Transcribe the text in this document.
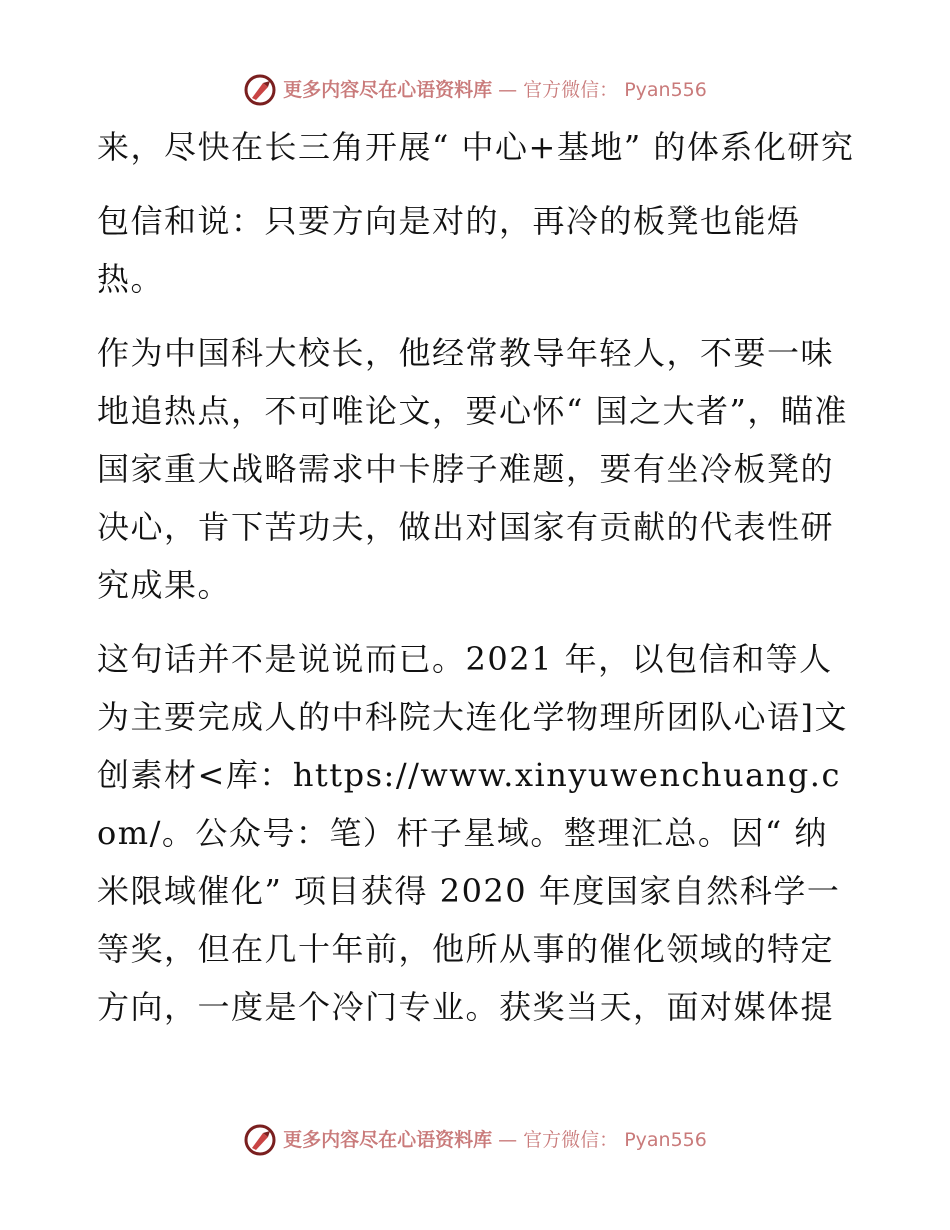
更多内容尽在心语资料库 — 官方微信： Pyan556

来，尽快在长三角开展“ 中心+基地” 的体系化研究

包信和说：只要方向是对的，再冷的板凳也能焐热。

作为中国科大校长，他经常教导年轻人，不要一味地追热点，不可唯论文，要心怀“ 国之大者”，瞄准国家重大战略需求中卡脖子难题，要有坐冷板凳的决心，肯下苦功夫，做出对国家有贡献的代表性研究成果。

这句话并不是说说而已。2021 年，以包信和等人为主要完成人的中科院大连化学物理所团队心语]文创素材<库：https://www.xinyuwenchuang.com/。公众号：笔）杆子星域。整理汇总。因“ 纳米限域催化” 项目获得 2020 年度国家自然科学一等奖，但在几十年前，他所从事的催化领域的特定方向，一度是个冷门专业。获奖当天，面对媒体提

更多内容尽在心语资料库 — 官方微信： Pyan556
